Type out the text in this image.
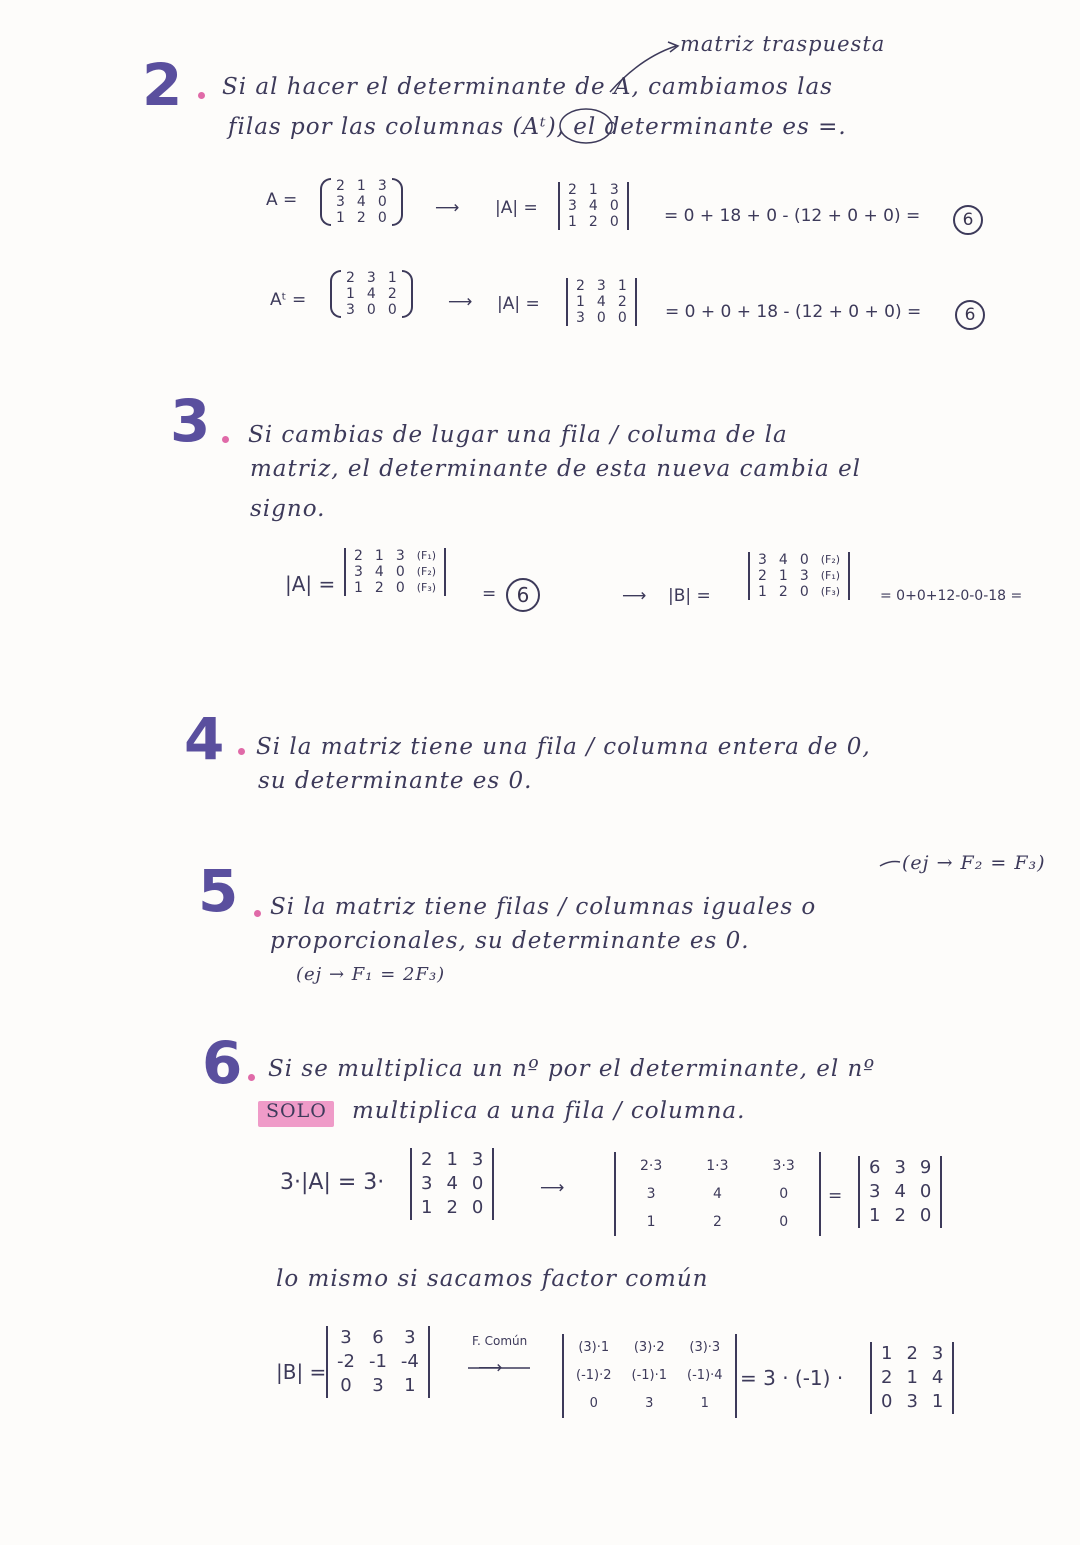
2
matriz traspuesta
Si al hacer el determinante de A, cambiamos las
filas por las columnas (Aᵗ), el determinante es =.
A =
2	1	3
3	4	0
1	2	0	⟶ |A| =
2	1	3
3	4	0
1	2	0	= 0 + 18 + 0 - (12 + 0 + 0) =	6
Aᵗ =
2	3	1
1	4	2
3	0	0	⟶ |A| =
2	3	1
1	4	2
3	0	0 = 0 + 0 + 18 - (12 + 0 + 0) =	6
3 Si cambias de lugar una fila / columa de la
matriz, el determinante de esta nueva cambia el
signo.
|A| =
2	1	3	(F₁)
3	4	0	(F₂)
1	2	0	(F₃)	=	6	⟶ |B| =
3	4	0	(F₂)
2	1	3	(F₁)
1	2	0	(F₃)	= 0+0+12-0-0-18 =
4 Si la matriz tiene una fila / columna entera de 0,
su determinante es 0.
5	(ej → F₂ = F₃)
Si la matriz tiene filas / columnas iguales o
proporcionales, su determinante es 0.
(ej → F₁ = 2F₃)
6 Si se multiplica un nº por el determinante, el nº
SOLO multiplica a una fila / columna.
3·|A| = 3·
2	1	3
3	4	0
1	2	0
⟶
2·3	1·3	3·3
3	4	0
1	2	0
=
6	3	9
3	4	0
1	2	0
lo mismo si sacamos factor común
|B| =
3	6	3
-2	-1	-4
0	3	1
F. Común
⟶
(3)·1	(3)·2	(3)·3
(-1)·2	(-1)·1	(-1)·4
0	3	1
= 3 · (-1) ·
1	2	3
2	1	4
0	3	1
